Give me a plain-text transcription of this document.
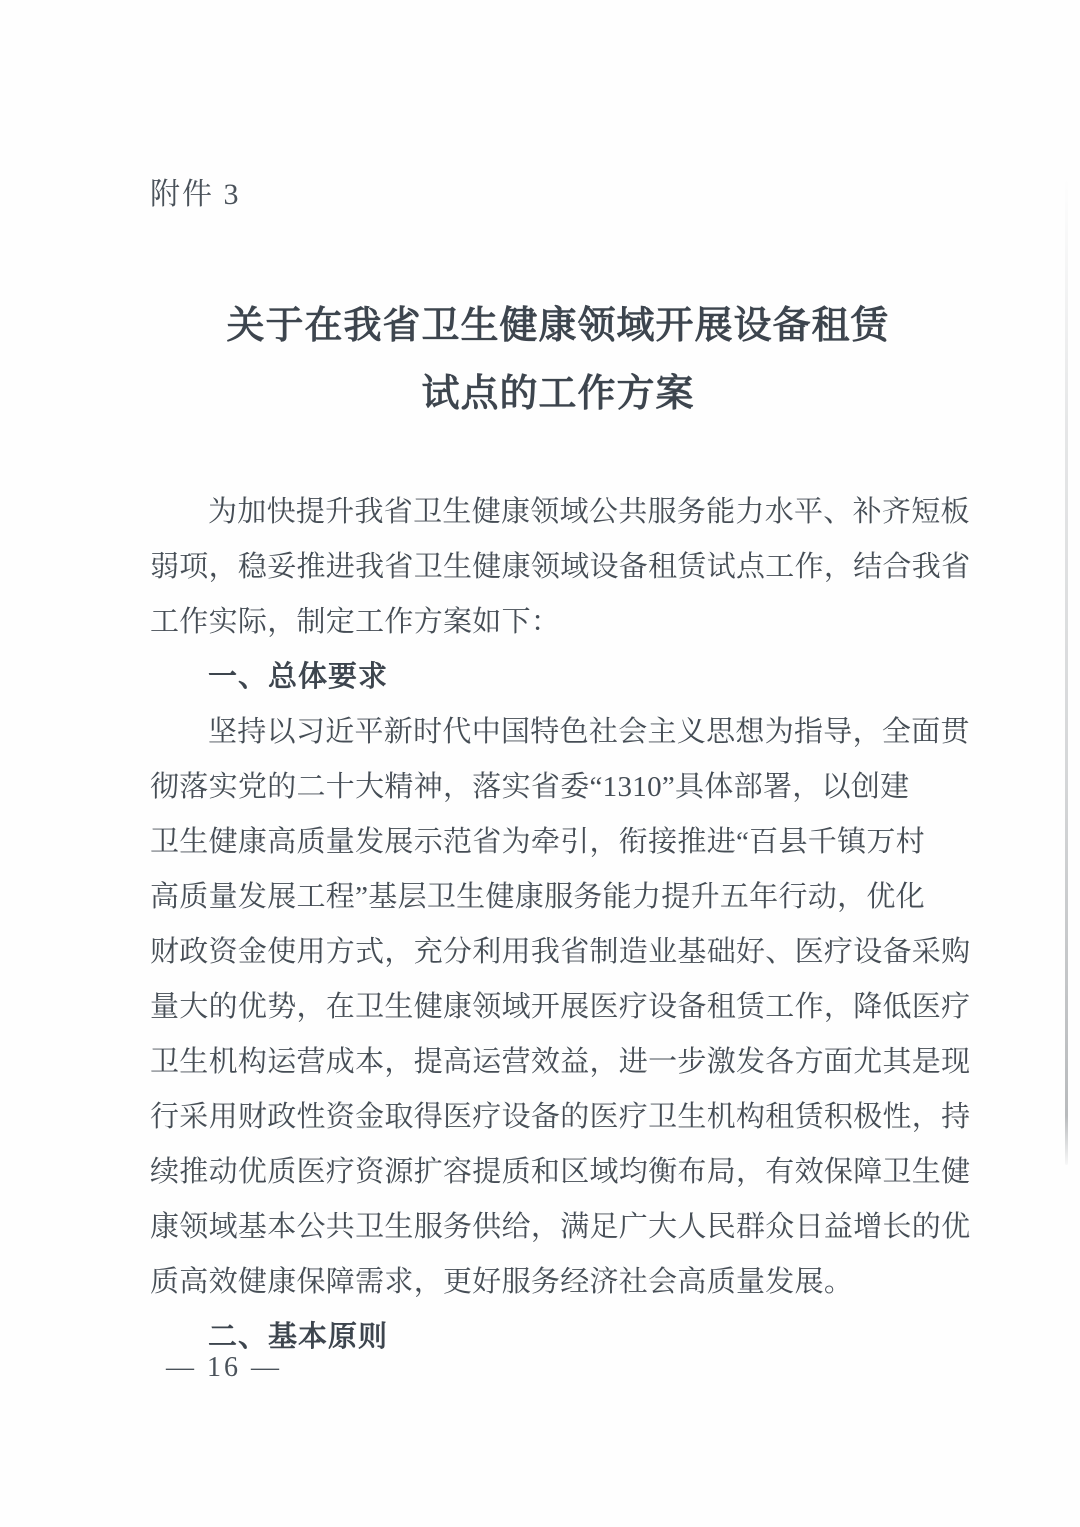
附件 3
关于在我省卫生健康领域开展设备租赁
试点的工作方案
为加快提升我省卫生健康领域公共服务能力水平、补齐短板
弱项，稳妥推进我省卫生健康领域设备租赁试点工作，结合我省
工作实际，制定工作方案如下：
一、总体要求
坚持以习近平新时代中国特色社会主义思想为指导，全面贯
彻落实党的二十大精神，落实省委“1310”具体部署，以创建
卫生健康高质量发展示范省为牵引，衔接推进“百县千镇万村
高质量发展工程”基层卫生健康服务能力提升五年行动，优化
财政资金使用方式，充分利用我省制造业基础好、医疗设备采购
量大的优势，在卫生健康领域开展医疗设备租赁工作，降低医疗
卫生机构运营成本，提高运营效益，进一步激发各方面尤其是现
行采用财政性资金取得医疗设备的医疗卫生机构租赁积极性，持
续推动优质医疗资源扩容提质和区域均衡布局，有效保障卫生健
康领域基本公共卫生服务供给，满足广大人民群众日益增长的优
质高效健康保障需求，更好服务经济社会高质量发展。
二、基本原则
— 16 —
